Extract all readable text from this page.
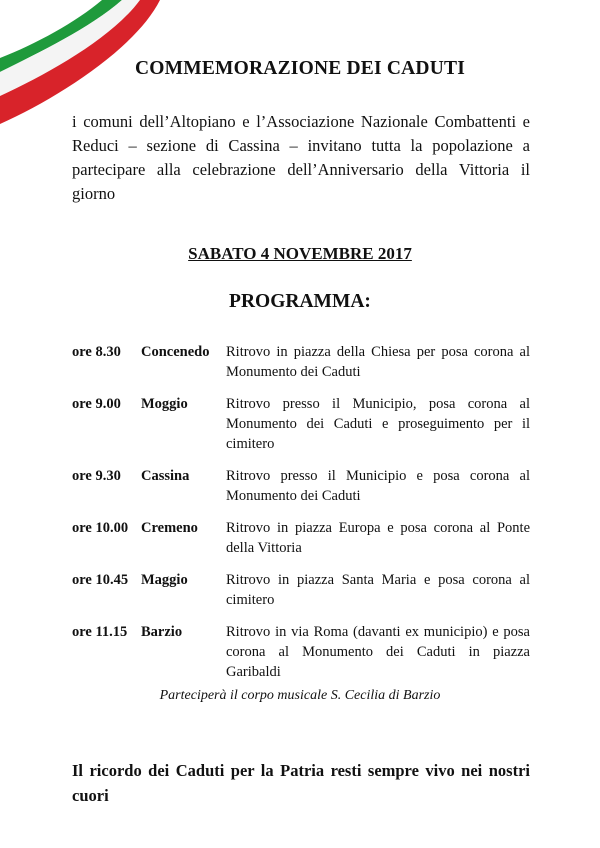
COMMEMORAZIONE DEI CADUTI
i comuni dell’Altopiano e l’Associazione Nazionale Combattenti e Reduci – sezione di Cassina – invitano tutta la popolazione a partecipare alla celebrazione dell’Anniversario della Vittoria il giorno
SABATO 4 NOVEMBRE 2017
PROGRAMMA:
ore 8.30	Concenedo	Ritrovo in piazza della Chiesa per posa corona al Monumento dei Caduti
ore 9.00	Moggio	Ritrovo presso il Municipio, posa corona al Monumento dei Caduti e proseguimento per il cimitero
ore 9.30	Cassina	Ritrovo presso il Municipio e posa corona al Monumento dei Caduti
ore 10.00 Cremeno	Ritrovo in piazza Europa e posa corona al Ponte della Vittoria
ore 10.45 Maggio	Ritrovo in piazza Santa Maria e posa corona al cimitero
ore 11.15 Barzio	Ritrovo in via Roma (davanti ex municipio) e posa corona al Monumento dei Caduti in piazza Garibaldi
Parteciperà il corpo musicale S. Cecilia di Barzio
Il ricordo dei Caduti per la Patria resti sempre vivo nei nostri cuori
